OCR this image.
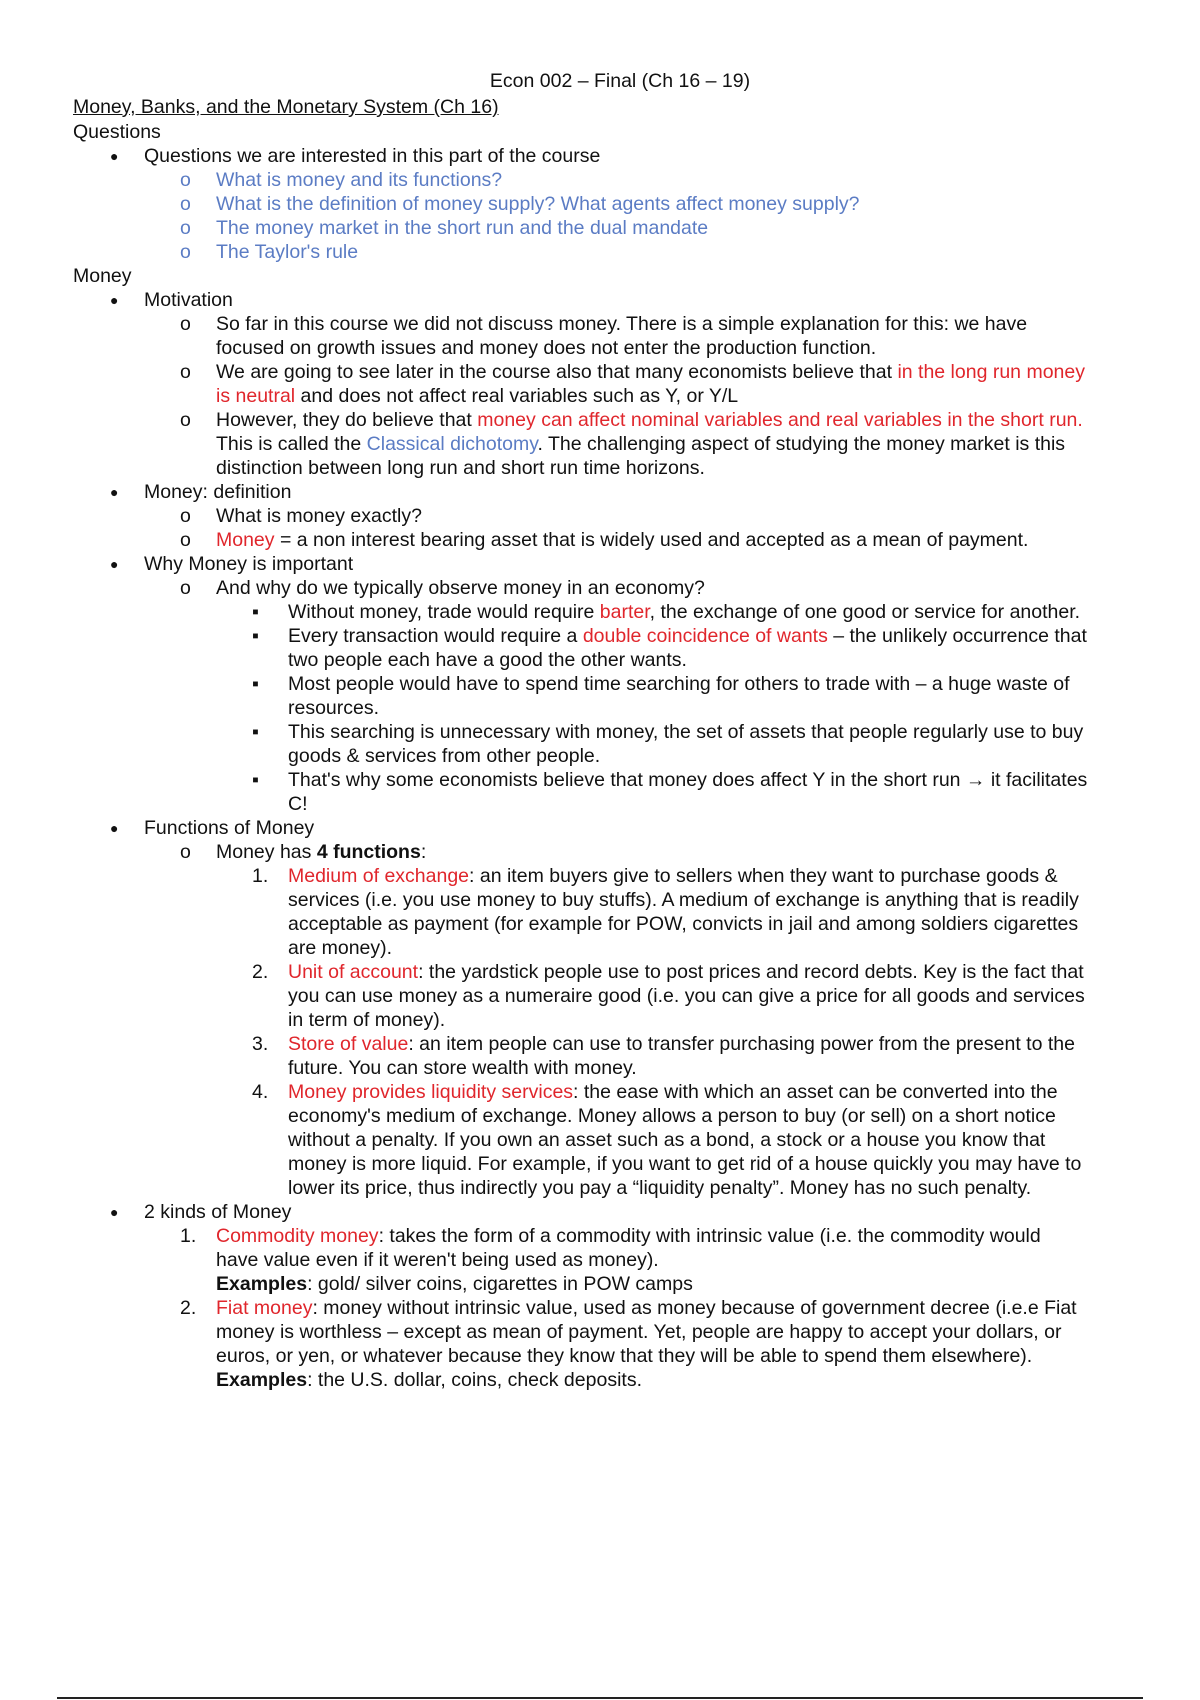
Econ 002 – Final (Ch 16 – 19)
Money, Banks, and the Monetary System (Ch 16)
Questions
● Questions we are interested in this part of the course
o What is money and its functions?
o What is the definition of money supply? What agents affect money supply?
o The money market in the short run and the dual mandate
o The Taylor's rule
Money
● Motivation
o So far in this course we did not discuss money. There is a simple explanation for this: we have
focused on growth issues and money does not enter the production function.
o We are going to see later in the course also that many economists believe that in the long run money
is neutral and does not affect real variables such as Y, or Y/L
o However, they do believe that money can affect nominal variables and real variables in the short run.
This is called the Classical dichotomy. The challenging aspect of studying the money market is this
distinction between long run and short run time horizons.
● Money: definition
o What is money exactly?
o Money = a non interest bearing asset that is widely used and accepted as a mean of payment.
● Why Money is important
o And why do we typically observe money in an economy?
▪ Without money, trade would require barter, the exchange of one good or service for another.
▪ Every transaction would require a double coincidence of wants – the unlikely occurrence that
two people each have a good the other wants.
▪ Most people would have to spend time searching for others to trade with – a huge waste of
resources.
▪ This searching is unnecessary with money, the set of assets that people regularly use to buy
goods & services from other people.
▪ That's why some economists believe that money does affect Y in the short run → it facilitates
C!
● Functions of Money
o Money has 4 functions:
1. Medium of exchange: an item buyers give to sellers when they want to purchase goods &
services (i.e. you use money to buy stuffs). A medium of exchange is anything that is readily
acceptable as payment (for example for POW, convicts in jail and among soldiers cigarettes
are money).
2. Unit of account: the yardstick people use to post prices and record debts. Key is the fact that
you can use money as a numeraire good (i.e. you can give a price for all goods and services
in term of money).
3. Store of value: an item people can use to transfer purchasing power from the present to the
future. You can store wealth with money.
4. Money provides liquidity services: the ease with which an asset can be converted into the
economy's medium of exchange. Money allows a person to buy (or sell) on a short notice
without a penalty. If you own an asset such as a bond, a stock or a house you know that
money is more liquid. For example, if you want to get rid of a house quickly you may have to
lower its price, thus indirectly you pay a “liquidity penalty”. Money has no such penalty.
● 2 kinds of Money
1. Commodity money: takes the form of a commodity with intrinsic value (i.e. the commodity would
have value even if it weren't being used as money).
Examples: gold/ silver coins, cigarettes in POW camps
2. Fiat money: money without intrinsic value, used as money because of government decree (i.e.e Fiat
money is worthless – except as mean of payment. Yet, people are happy to accept your dollars, or
euros, or yen, or whatever because they know that they will be able to spend them elsewhere).
Examples: the U.S. dollar, coins, check deposits.
